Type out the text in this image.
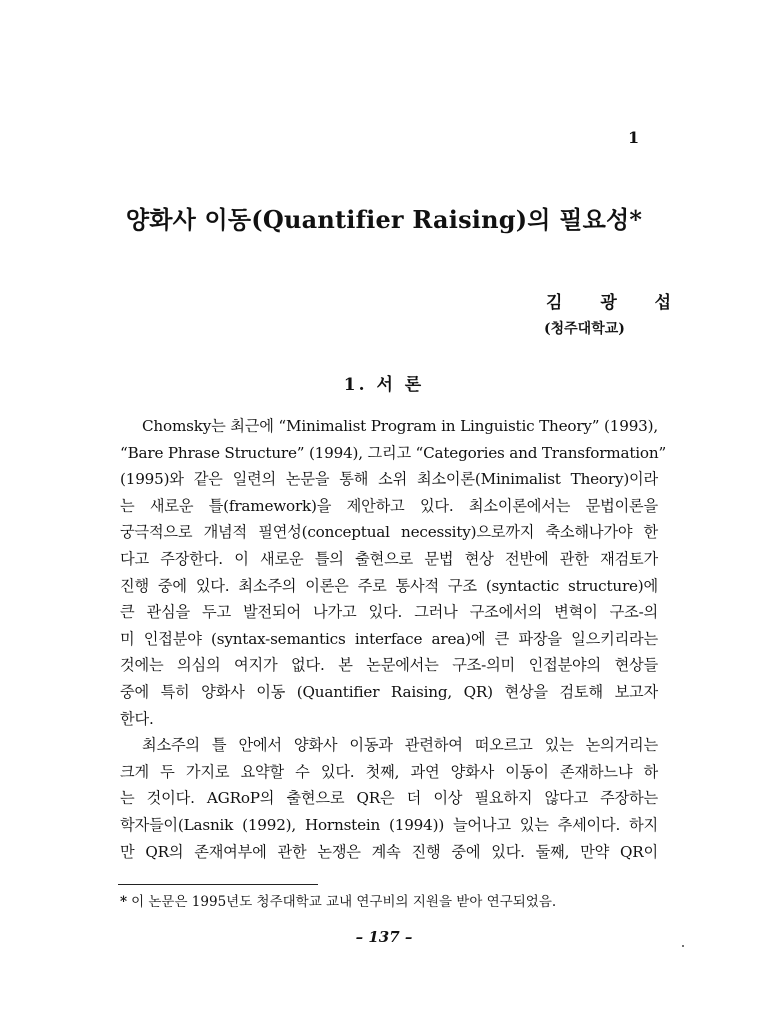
1
양화사 이동(Quantifier Raising)의 필요성*
김 광 섭
(청주대학교)
1. 서 론
Chomsky는 최근에 “Minimalist Program in Linguistic Theory” (1993),
“Bare Phrase Structure” (1994), 그리고 “Categories and Transformation”
(1995)와 같은 일련의 논문을 통해 소위 최소이론(Minimalist Theory)이라
는 새로운 틀(framework)을 제안하고 있다. 최소이론에서는 문법이론을
궁극적으로 개념적 필연성(conceptual necessity)으로까지 축소해나가야 한
다고 주장한다. 이 새로운 틀의 출현으로 문법 현상 전반에 관한 재검토가
진행 중에 있다. 최소주의 이론은 주로 통사적 구조 (syntactic structure)에
큰 관심을 두고 발전되어 나가고 있다. 그러나 구조에서의 변혁이 구조-의
미 인접분야 (syntax-semantics interface area)에 큰 파장을 일으키리라는
것에는 의심의 여지가 없다. 본 논문에서는 구조-의미 인접분야의 현상들
중에 특히 양화사 이동 (Quantifier Raising, QR) 현상을 검토해 보고자
한다.
최소주의 틀 안에서 양화사 이동과 관련하여 떠오르고 있는 논의거리는
크게 두 가지로 요약할 수 있다. 첫째, 과연 양화사 이동이 존재하느냐 하
는 것이다. AGRoP의 출현으로 QR은 더 이상 필요하지 않다고 주장하는
학자들이(Lasnik (1992), Hornstein (1994)) 늘어나고 있는 추세이다. 하지
만 QR의 존재여부에 관한 논쟁은 계속 진행 중에 있다. 둘째, 만약 QR이
* 이 논문은 1995년도 청주대학교 교내 연구비의 지원을 받아 연구되었음.
– 137 –
